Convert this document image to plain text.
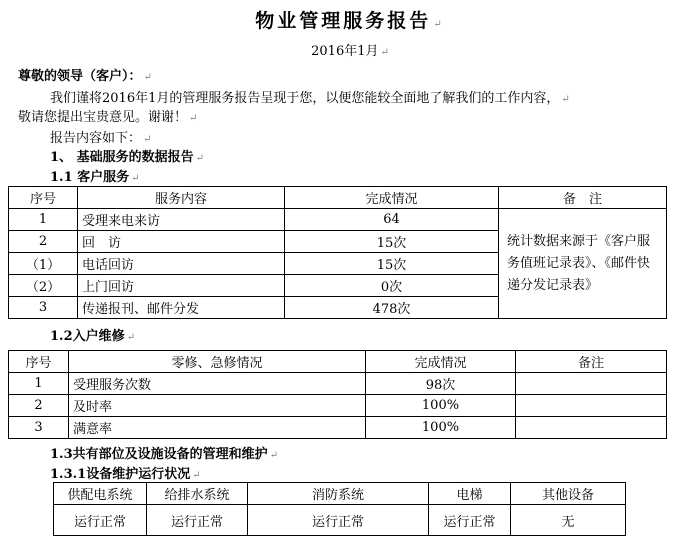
物业管理服务报告 ↵
2016年1月 ↵
尊敬的领导（客户）： ↵
我们谨将2016年1月的管理服务报告呈现于您，以便您能较全面地了解我们的工作内容， ↵
敬请您提出宝贵意见。谢谢！ ↵
报告内容如下： ↵
1、 基础服务的数据报告 ↵
1.1 客户服务 ↵
序号	服务内容	完成情况	备　注
1	受理来电来访	64	统计数据来源于《客户服务值班记录表》、《邮件快递分发记录表》
2	回　访	15次	
（1）	电话回访	15次	
（2）	上门回访	0次	
3	传递报刊、邮件分发	478次	
1.2入户维修 ↵
序号	零修、急修情况	完成情况	备注
1	受理服务次数	98次	
2	及时率	100%	
3	满意率	100%	
1.3共有部位及设施设备的管理和维护 ↵
1.3.1设备维护运行状况 ↵
供配电系统	给排水系统	消防系统	电梯	其他设备
运行正常	运行正常	运行正常	运行正常	无
